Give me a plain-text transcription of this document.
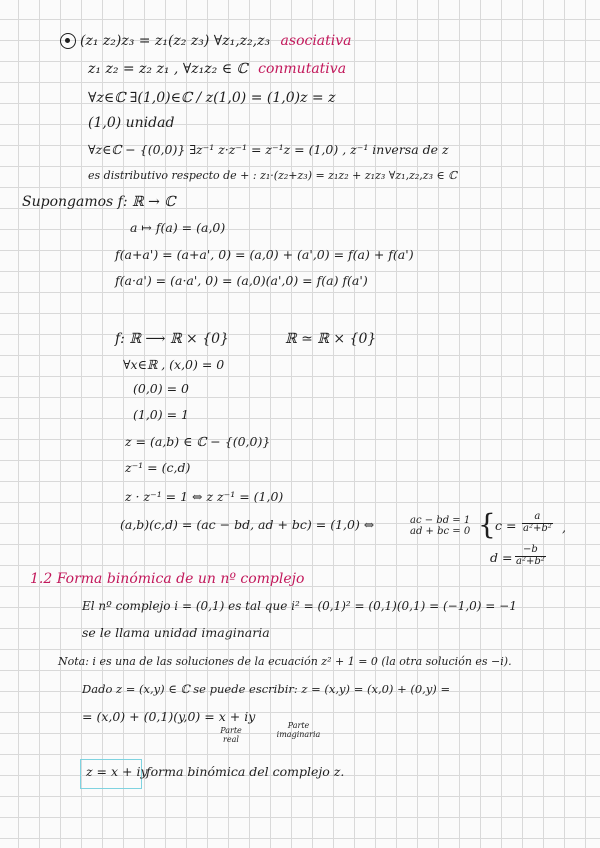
(z₁ z₂)z₃ = z₁(z₂ z₃) ∀z₁,z₂,z₃ asociativa
z₁ z₂ = z₂ z₁ , ∀z₁z₂ ∈ ℂ conmutativa
∀z∈ℂ ∃(1,0)∈ℂ / z(1,0) = (1,0)z = z
(1,0) unidad
∀z∈ℂ − {(0,0)} ∃z⁻¹ z·z⁻¹ = z⁻¹z = (1,0) , z⁻¹ inversa de z
es distributivo respecto de + : z₁·(z₂+z₃) = z₁z₂ + z₁z₃ ∀z₁,z₂,z₃ ∈ ℂ
Supongamos f: ℝ → ℂ
a ↦ f(a) = (a,0)
f(a+a') = (a+a', 0) = (a,0) + (a',0) = f(a) + f(a')
f(a·a') = (a·a', 0) = (a,0)(a',0) = f(a) f(a')
f: ℝ ⟶ ℝ × {0}	ℝ ≃ ℝ × {0}
∀x∈ℝ , (x,0) = 0
(0,0) = 0
(1,0) = 1
z = (a,b) ∈ ℂ − {(0,0)}
z⁻¹ = (c,d)
z · z⁻¹ = 1 ⇔ z z⁻¹ = (1,0)
(a,b)(c,d) = (ac − bd, ad + bc) = (1,0) ⇔	ac − bd = 1
ad + bc = 0 { $c = \frac{a}{\text{a²+b²}}$ ,
$d = \frac{-b}{\text{a²+b²}}$
1.2 Forma binómica de un nº complejo
El nº complejo i = (0,1) es tal que i² = (0,1)² = (0,1)(0,1) = (−1,0) = −1
se le llama unidad imaginaria
Nota: i es una de las soluciones de la ecuación z² + 1 = 0 (la otra solución es −i).
Dado z = (x,y) ∈ ℂ se puede escribir: z = (x,y) = (x,0) + (0,y) =
= (x,0) + (0,1)(y,0) = x + iy
Parte real
Parte imaginaria
z = x + iy
forma binómica del complejo z.
